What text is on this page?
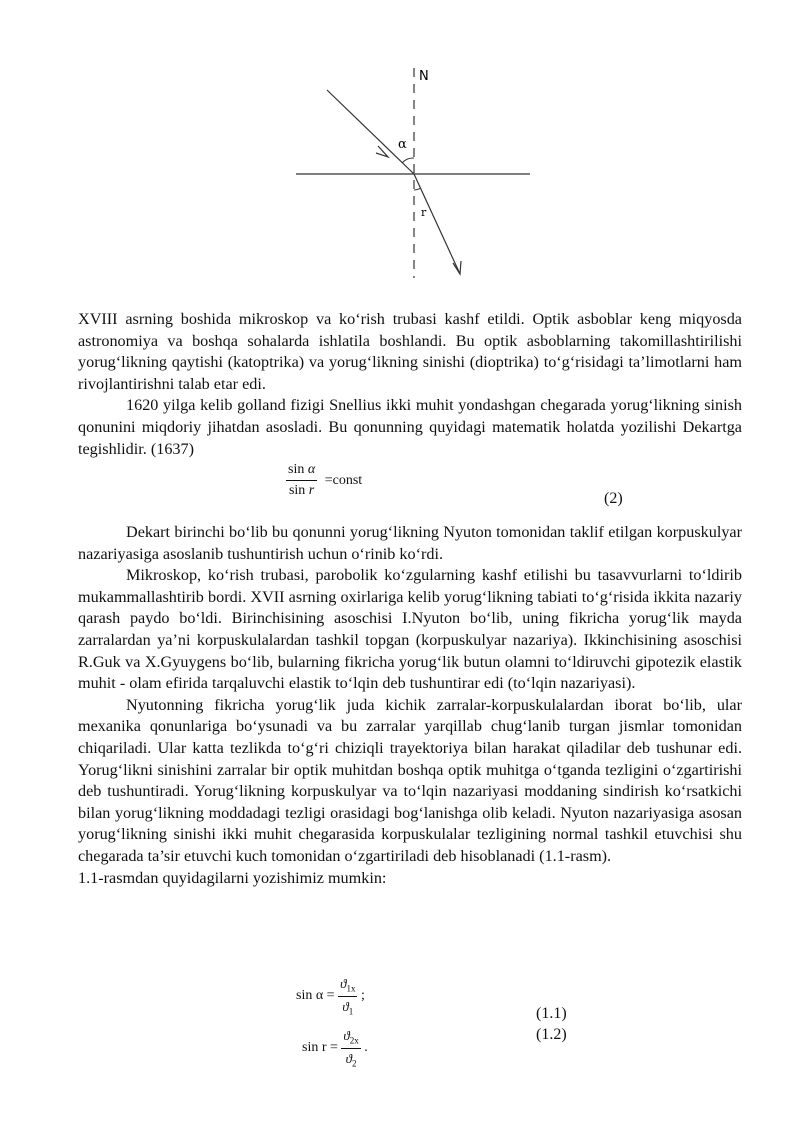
N
α
r

XVIII asrning boshida mikroskop va ko‘rish trubasi kashf etildi. Optik asboblar keng miqyosda astronomiya va boshqa sohalarda ishlatila boshlandi. Bu optik asboblarning takomillashtirilishi yorug‘likning qaytishi (katoptrika) va yorug‘likning sinishi (dioptrika) to‘g‘risidagi ta’limotlarni ham rivojlantirishni talab etar edi.

1620 yilga kelib golland fizigi Snellius ikki muhit yondashgan chegarada yorug‘likning sinish qonunini miqdoriy jihatdan asosladi. Bu qonunning quyidagi matematik holatda yozilishi Dekartga tegishlidir. (1637)

$\frac{\text{sin α}}{\text{sin r}}$ =const
(2)

Dekart birinchi bo‘lib bu qonunni yorug‘likning Nyuton tomonidan taklif etilgan korpuskulyar nazariyasiga asoslanib tushuntirish uchun o‘rinib ko‘rdi.

Mikroskop, ko‘rish trubasi, parobolik ko‘zgularning kashf etilishi bu tasavvurlarni to‘ldirib mukammallashtirib bordi. XVII asrning oxirlariga kelib yorug‘likning tabiati to‘g‘risida ikkita nazariy qarash paydo bo‘ldi. Birinchisining asoschisi I.Nyuton bo‘lib, uning fikricha yorug‘lik mayda zarralardan ya’ni korpuskulalardan tashkil topgan (korpuskulyar nazariya). Ikkinchisining asoschisi R.Guk va X.Gyuygens bo‘lib, bularning fikricha yorug‘lik butun olamni to‘ldiruvchi gipotezik elastik muhit - olam efirida tarqaluvchi elastik to‘lqin deb tushuntirar edi (to‘lqin nazariyasi).

Nyutonning fikricha yorug‘lik juda kichik zarralar-korpuskulalardan iborat bo‘lib, ular mexanika qonunlariga bo‘ysunadi va bu zarralar yarqillab chug‘lanib turgan jismlar tomonidan chiqariladi. Ular katta tezlikda to‘g‘ri chiziqli trayektoriya bilan harakat qiladilar deb tushunar edi. Yorug‘likni sinishini zarralar bir optik muhitdan boshqa optik muhitga o‘tganda tezligini o‘zgartirishi deb tushuntiradi. Yorug‘likning korpuskulyar va to‘lqin nazariyasi moddaning sindirish ko‘rsatkichi bilan yorug‘likning moddadagi tezligi orasidagi bog‘lanishga olib keladi. Nyuton nazariyasiga asosan yorug‘likning sinishi ikki muhit chegarasida korpuskulalar tezligining normal tashkil etuvchisi shu chegarada ta’sir etuvchi kuch tomonidan o‘zgartiriladi deb hisoblanadi (1.1-rasm).

1.1-rasmdan quyidagilarni yozishimiz mumkin:

$\sin \alpha = \frac{ϑ_{1x}}{ϑ_1}$ ;
(1.1)
$\sin r = \frac{ϑ_{2x}}{ϑ_2}$ .
(1.2)
